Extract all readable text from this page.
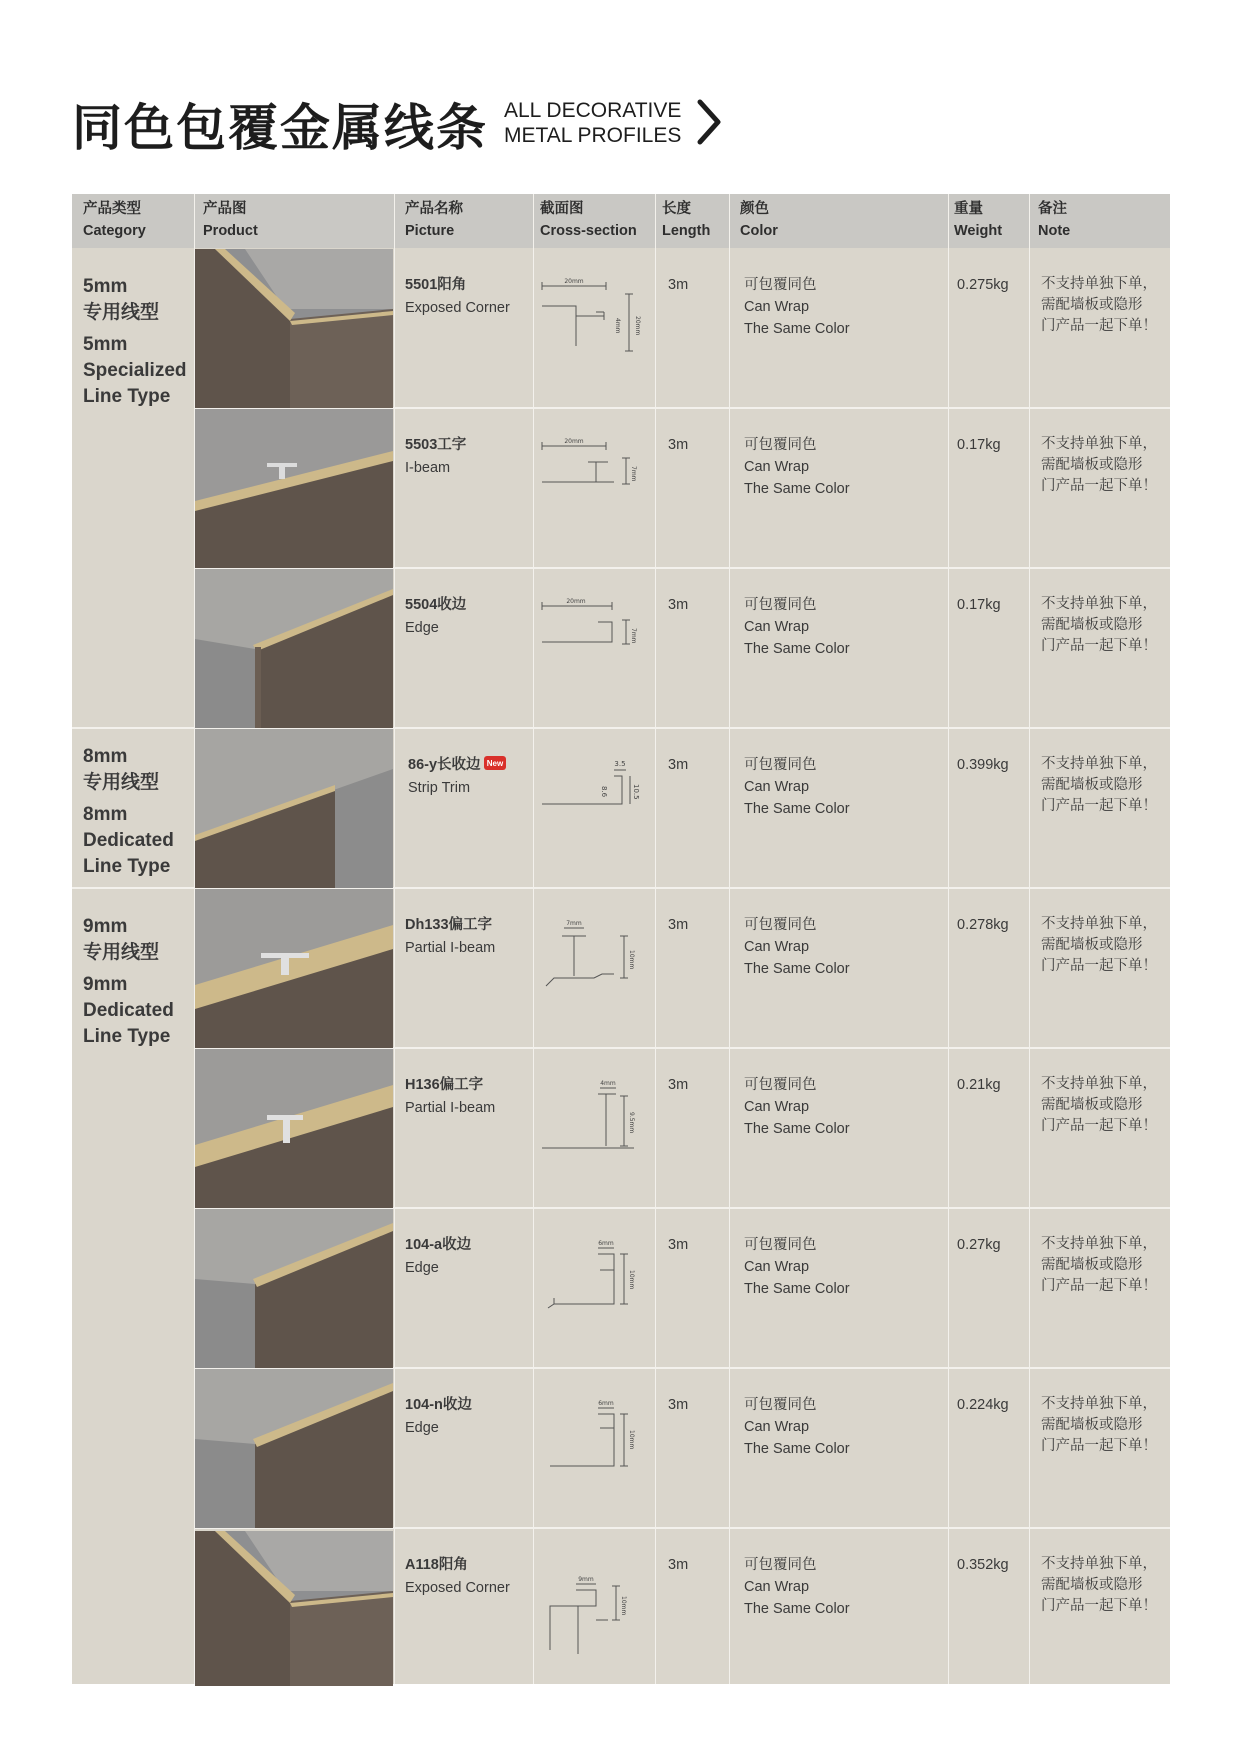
同色包覆金属线条 ALL DECORATIVE
METAL PROFILES
产品类型
Category
产品图
Product
产品名称
Picture
截面图
Cross-section
长度
Length
颜色
Color
重量
Weight
备注
Note
5mm
专用线型
5mm
Specialized
Line Type
8mm
专用线型
8mm
Dedicated
Line Type
9mm
专用线型
9mm
Dedicated
Line Type
5501阳角
Exposed Corner
5503工字
I-beam
5504收边
Edge
86-y长收边 New
Strip Trim
Dh133偏工字
Partial I-beam
H136偏工字
Partial I-beam
104-a收边
Edge
104-n收边
Edge
A118阳角
Exposed Corner
20mm
4mm 20mm
20mm
7mm
20mm
7mm
3.5
8.6	10.5
7mm
10mm
4mm
9.5mm
6mm
10mm
6mm
10mm
9mm
10mm
3m
3m
3m
3m
3m
3m
3m
3m
3m
可包覆同色
Can Wrap
The Same Color
可包覆同色
Can Wrap
The Same Color
可包覆同色
Can Wrap
The Same Color
可包覆同色
Can Wrap
The Same Color
可包覆同色
Can Wrap
The Same Color
可包覆同色
Can Wrap
The Same Color
可包覆同色
Can Wrap
The Same Color
可包覆同色
Can Wrap
The Same Color
可包覆同色
Can Wrap
The Same Color
0.275kg
0.17kg
0.17kg
0.399kg
0.278kg
0.21kg
0.27kg
0.224kg
0.352kg
不支持单独下单，
需配墙板或隐形
门产品一起下单！
不支持单独下单，
需配墙板或隐形
门产品一起下单！
不支持单独下单，
需配墙板或隐形
门产品一起下单！
不支持单独下单，
需配墙板或隐形
门产品一起下单！
不支持单独下单，
需配墙板或隐形
门产品一起下单！
不支持单独下单，
需配墙板或隐形
门产品一起下单！
不支持单独下单，
需配墙板或隐形
门产品一起下单！
不支持单独下单，
需配墙板或隐形
门产品一起下单！
不支持单独下单，
需配墙板或隐形
门产品一起下单！
